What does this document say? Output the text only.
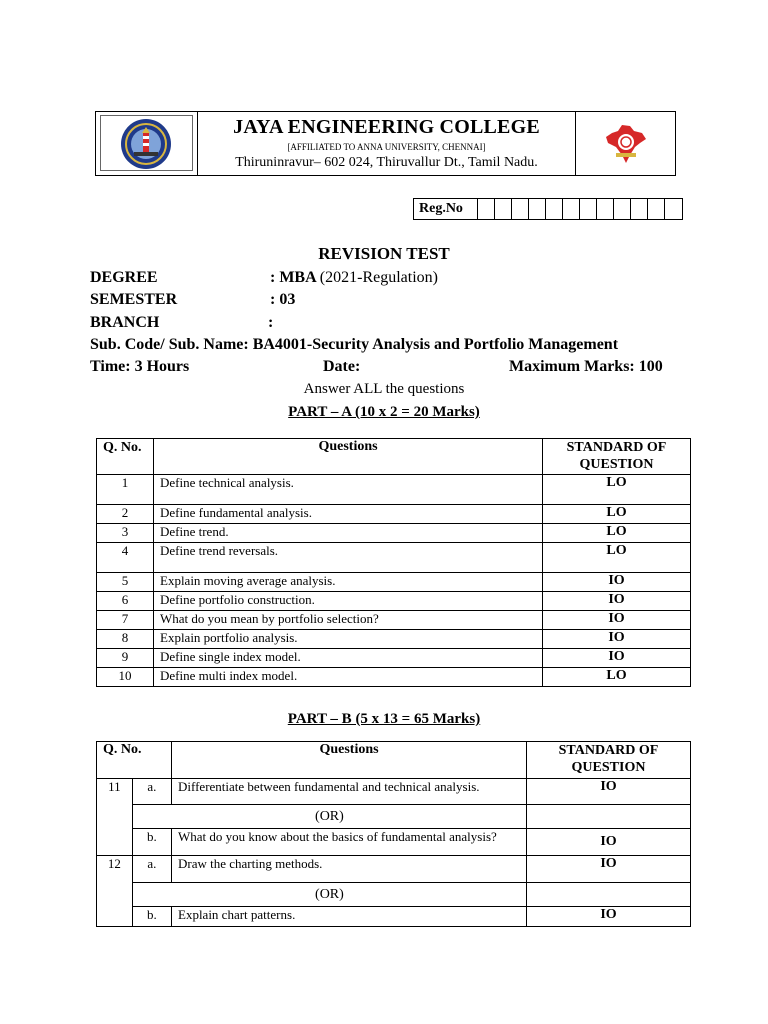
JAYA ENGINEERING COLLEGE
[AFFILIATED TO ANNA UNIVERSITY, CHENNAI]
Thiruninravur– 602 024, Thiruvallur Dt., Tamil Nadu.
Reg.No
REVISION TEST
DEGREE	: MBA (2021-Regulation)
SEMESTER	: 03
BRANCH	:
Sub. Code/ Sub. Name: BA4001-Security Analysis and Portfolio Management
Time: 3 Hours	Date:	Maximum Marks: 100
Answer ALL the questions
PART – A (10 x 2 = 20 Marks)
Q. No.	Questions	STANDARD OF QUESTION
1	Define technical analysis.	LO
2	Define fundamental analysis.	LO
3	Define trend.	LO
4	Define trend reversals.	LO
5	Explain moving average analysis.	IO
6	Define portfolio construction.	IO
7	What do you mean by portfolio selection?	IO
8	Explain portfolio analysis.	IO
9	Define single index model.	IO
10	Define multi index model.	LO
PART – B (5 x 13 = 65 Marks)
Q. No.		Questions	STANDARD OF QUESTION
11	a.	Differentiate between fundamental and technical analysis.	IO
	(OR)		
	b.	What do you know about the basics of fundamental analysis?	IO
12	a.	Draw the charting methods.	IO
	(OR)		
	b.	Explain chart patterns.	IO
